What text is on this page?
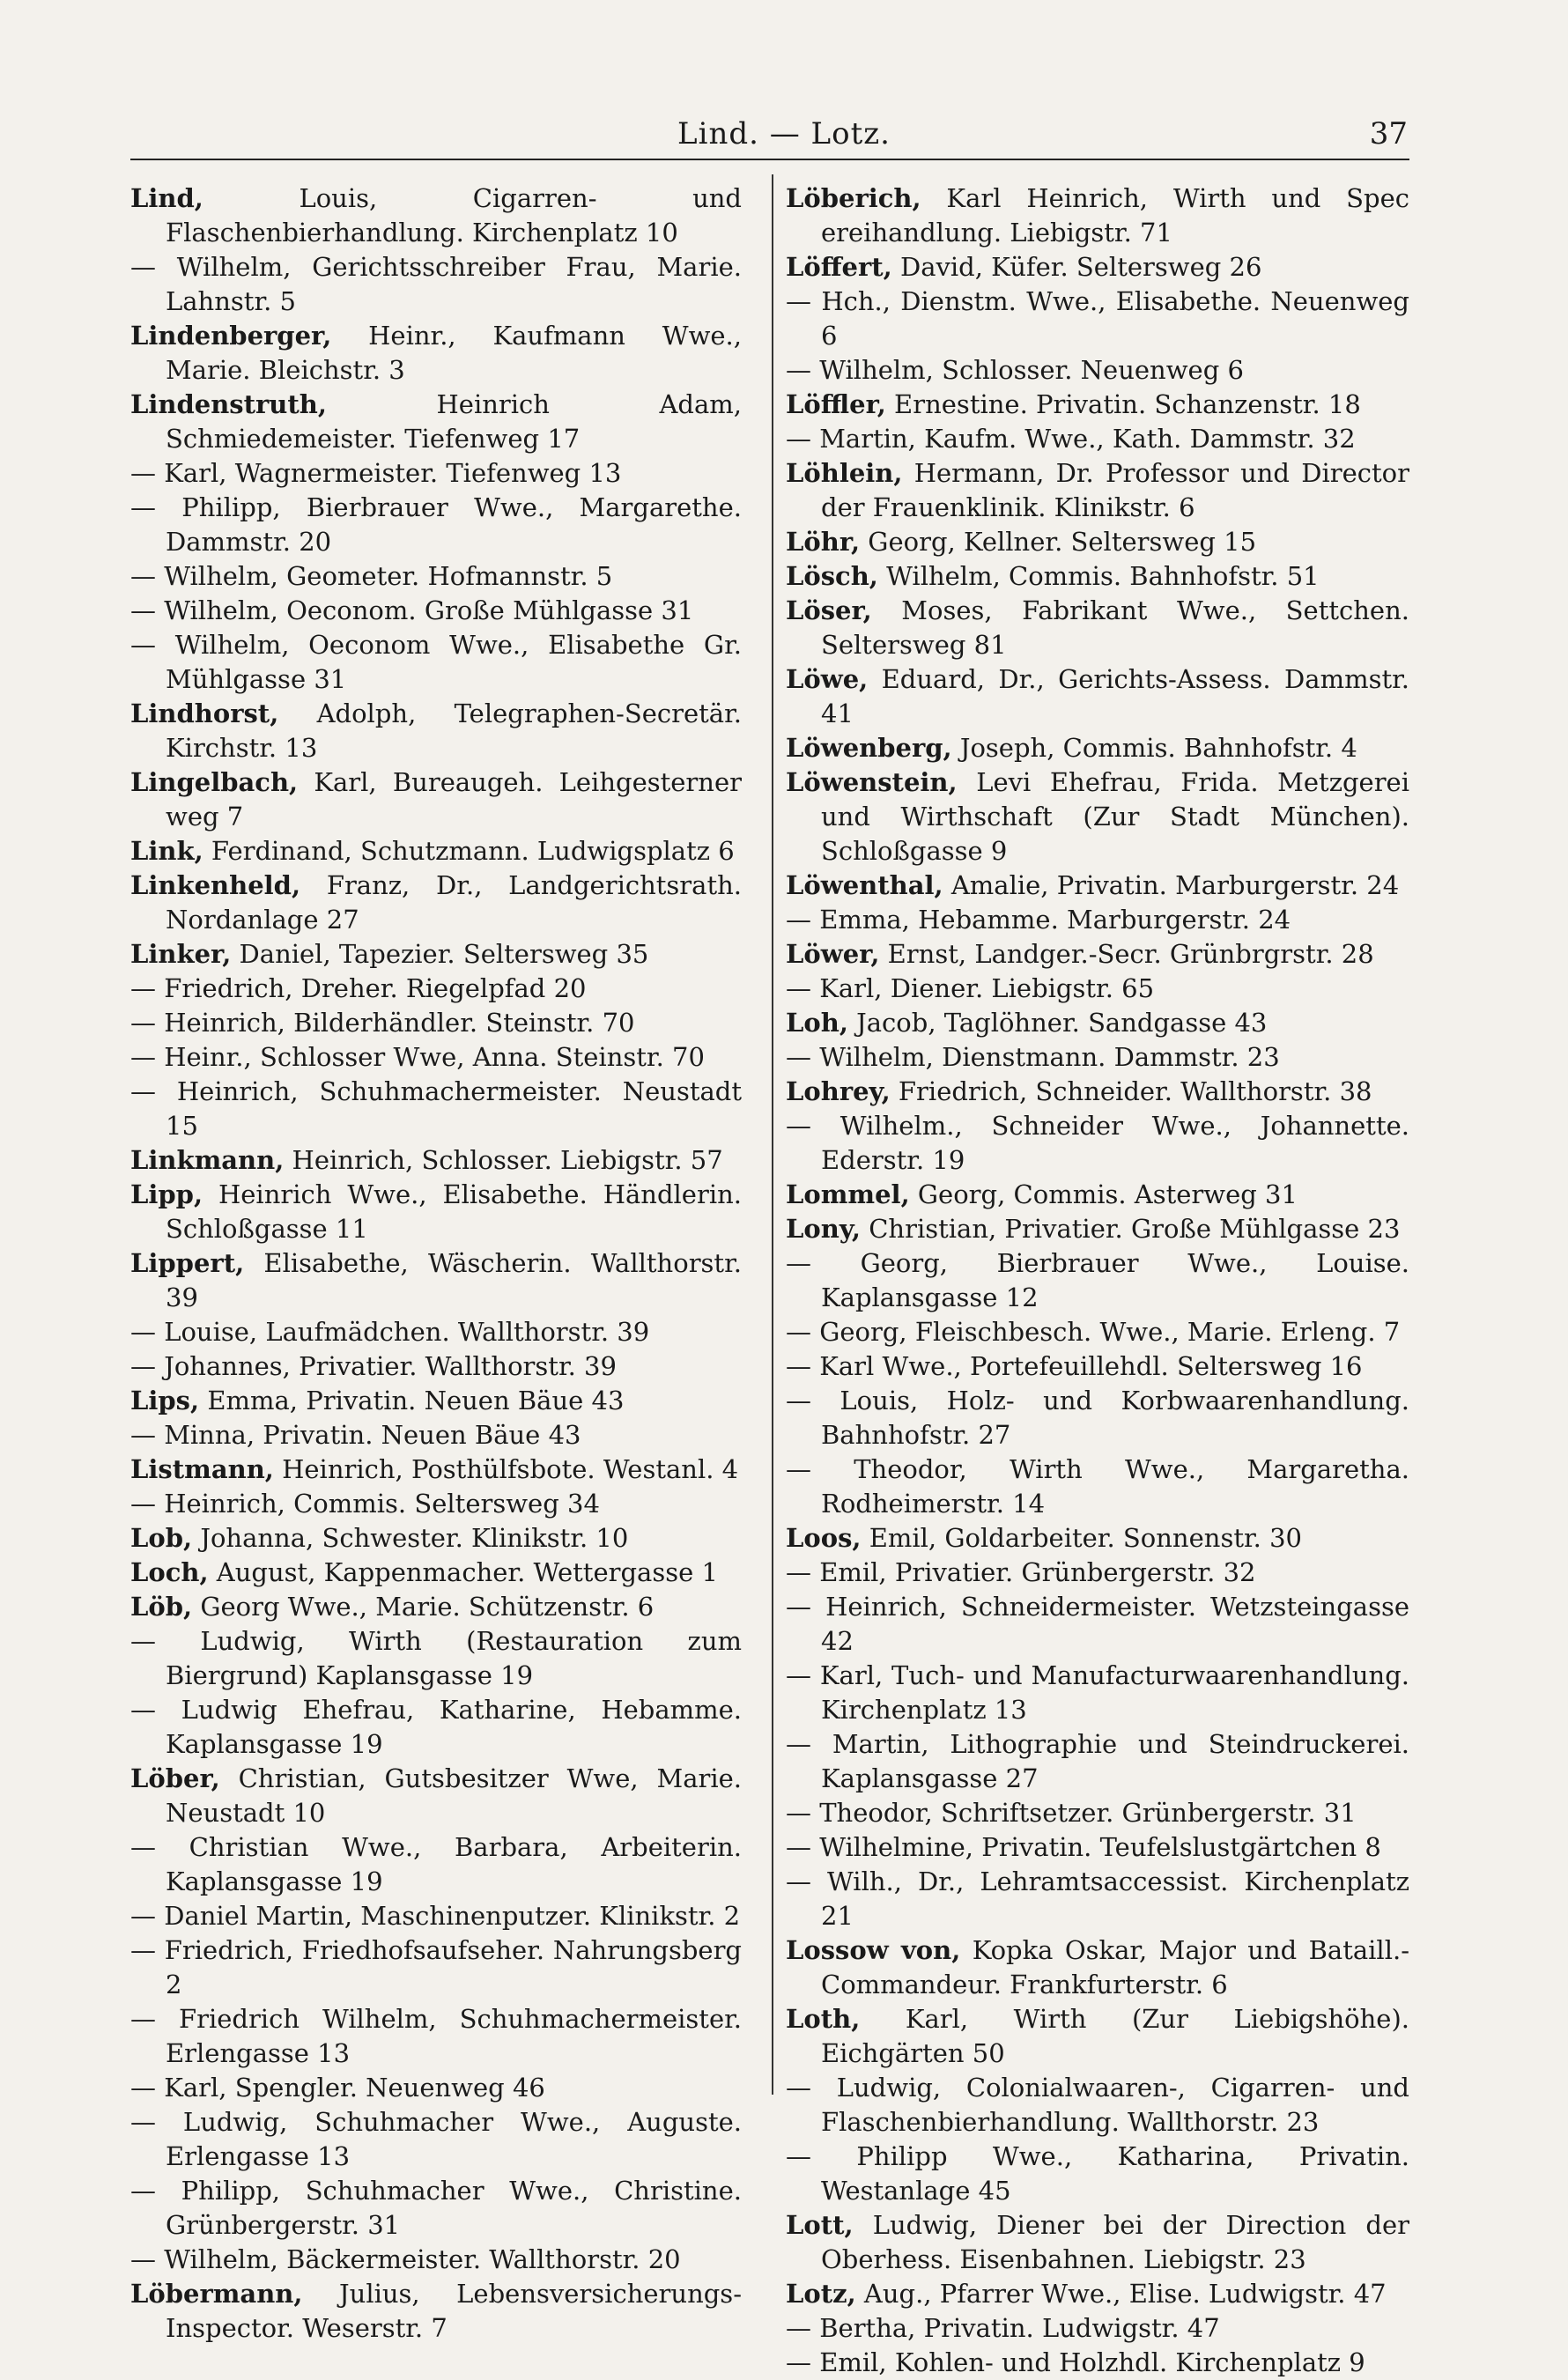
Lind. — Lotz.	37
Lind, Louis, Cigarren- und Flaschenbierhandlung. Kirchenplatz 10
— Wilhelm, Gerichtsschreiber Frau, Marie. Lahnstr. 5
Lindenberger, Heinr., Kaufmann Wwe., Marie. Bleichstr. 3
Lindenstruth, Heinrich Adam, Schmiedemeister. Tiefenweg 17
— Karl, Wagnermeister. Tiefenweg 13
— Philipp, Bierbrauer Wwe., Margarethe. Dammstr. 20
— Wilhelm, Geometer. Hofmannstr. 5
— Wilhelm, Oeconom. Große Mühlgasse 31
— Wilhelm, Oeconom Wwe., Elisabethe Gr. Mühlgasse 31
Lindhorst, Adolph, Telegraphen-Secretär. Kirchstr. 13
Lingelbach, Karl, Bureaugeh. Leihgesterner weg 7
Link, Ferdinand, Schutzmann. Ludwigsplatz 6
Linkenheld, Franz, Dr., Landgerichtsrath. Nordanlage 27
Linker, Daniel, Tapezier. Seltersweg 35
— Friedrich, Dreher. Riegelpfad 20
— Heinrich, Bilderhändler. Steinstr. 70
— Heinr., Schlosser Wwe, Anna. Steinstr. 70
— Heinrich, Schuhmachermeister. Neustadt 15
Linkmann, Heinrich, Schlosser. Liebigstr. 57
Lipp, Heinrich Wwe., Elisabethe. Händlerin. Schloßgasse 11
Lippert, Elisabethe, Wäscherin. Wallthorstr. 39
— Louise, Laufmädchen. Wallthorstr. 39
— Johannes, Privatier. Wallthorstr. 39
Lips, Emma, Privatin. Neuen Bäue 43
— Minna, Privatin. Neuen Bäue 43
Listmann, Heinrich, Posthülfsbote. Westanl. 4
— Heinrich, Commis. Seltersweg 34
Lob, Johanna, Schwester. Klinikstr. 10
Loch, August, Kappenmacher. Wettergasse 1
Löb, Georg Wwe., Marie. Schützenstr. 6
— Ludwig, Wirth (Restauration zum Biergrund) Kaplansgasse 19
— Ludwig Ehefrau, Katharine, Hebamme. Kaplansgasse 19
Löber, Christian, Gutsbesitzer Wwe, Marie. Neustadt 10
— Christian Wwe., Barbara, Arbeiterin. Kaplansgasse 19
— Daniel Martin, Maschinenputzer. Klinikstr. 2
— Friedrich, Friedhofsaufseher. Nahrungsberg 2
— Friedrich Wilhelm, Schuhmachermeister. Erlengasse 13
— Karl, Spengler. Neuenweg 46
— Ludwig, Schuhmacher Wwe., Auguste. Erlengasse 13
— Philipp, Schuhmacher Wwe., Christine. Grünbergerstr. 31
— Wilhelm, Bäckermeister. Wallthorstr. 20
Löbermann, Julius, Lebensversicherungs-Inspector. Weserstr. 7
Löberich, Karl Heinrich, Wirth und Spec ereihandlung. Liebigstr. 71
Löffert, David, Küfer. Seltersweg 26
— Hch., Dienstm. Wwe., Elisabethe. Neuenweg 6
— Wilhelm, Schlosser. Neuenweg 6
Löffler, Ernestine. Privatin. Schanzenstr. 18
— Martin, Kaufm. Wwe., Kath. Dammstr. 32
Löhlein, Hermann, Dr. Professor und Director der Frauenklinik. Klinikstr. 6
Löhr, Georg, Kellner. Seltersweg 15
Lösch, Wilhelm, Commis. Bahnhofstr. 51
Löser, Moses, Fabrikant Wwe., Settchen. Seltersweg 81
Löwe, Eduard, Dr., Gerichts-Assess. Dammstr. 41
Löwenberg, Joseph, Commis. Bahnhofstr. 4
Löwenstein, Levi Ehefrau, Frida. Metzgerei und Wirthschaft (Zur Stadt München). Schloßgasse 9
Löwenthal, Amalie, Privatin. Marburgerstr. 24
— Emma, Hebamme. Marburgerstr. 24
Löwer, Ernst, Landger.-Secr. Grünbrgrstr. 28
— Karl, Diener. Liebigstr. 65
Loh, Jacob, Taglöhner. Sandgasse 43
— Wilhelm, Dienstmann. Dammstr. 23
Lohrey, Friedrich, Schneider. Wallthorstr. 38
— Wilhelm., Schneider Wwe., Johannette. Ederstr. 19
Lommel, Georg, Commis. Asterweg 31
Lony, Christian, Privatier. Große Mühlgasse 23
— Georg, Bierbrauer Wwe., Louise. Kaplansgasse 12
— Georg, Fleischbesch. Wwe., Marie. Erleng. 7
— Karl Wwe., Portefeuillehdl. Seltersweg 16
— Louis, Holz- und Korbwaarenhandlung. Bahnhofstr. 27
— Theodor, Wirth Wwe., Margaretha. Rodheimerstr. 14
Loos, Emil, Goldarbeiter. Sonnenstr. 30
— Emil, Privatier. Grünbergerstr. 32
— Heinrich, Schneidermeister. Wetzsteingasse 42
— Karl, Tuch- und Manufacturwaarenhandlung. Kirchenplatz 13
— Martin, Lithographie und Steindruckerei. Kaplansgasse 27
— Theodor, Schriftsetzer. Grünbergerstr. 31
— Wilhelmine, Privatin. Teufelslustgärtchen 8
— Wilh., Dr., Lehramtsaccessist. Kirchenplatz 21
Lossow von, Kopka Oskar, Major und Bataill.-Commandeur. Frankfurterstr. 6
Loth, Karl, Wirth (Zur Liebigshöhe). Eichgärten 50
— Ludwig, Colonialwaaren-, Cigarren- und Flaschenbierhandlung. Wallthorstr. 23
— Philipp Wwe., Katharina, Privatin. Westanlage 45
Lott, Ludwig, Diener bei der Direction der Oberhess. Eisenbahnen. Liebigstr. 23
Lotz, Aug., Pfarrer Wwe., Elise. Ludwigstr. 47
— Bertha, Privatin. Ludwigstr. 47
— Emil, Kohlen- und Holzhdl. Kirchenplatz 9
